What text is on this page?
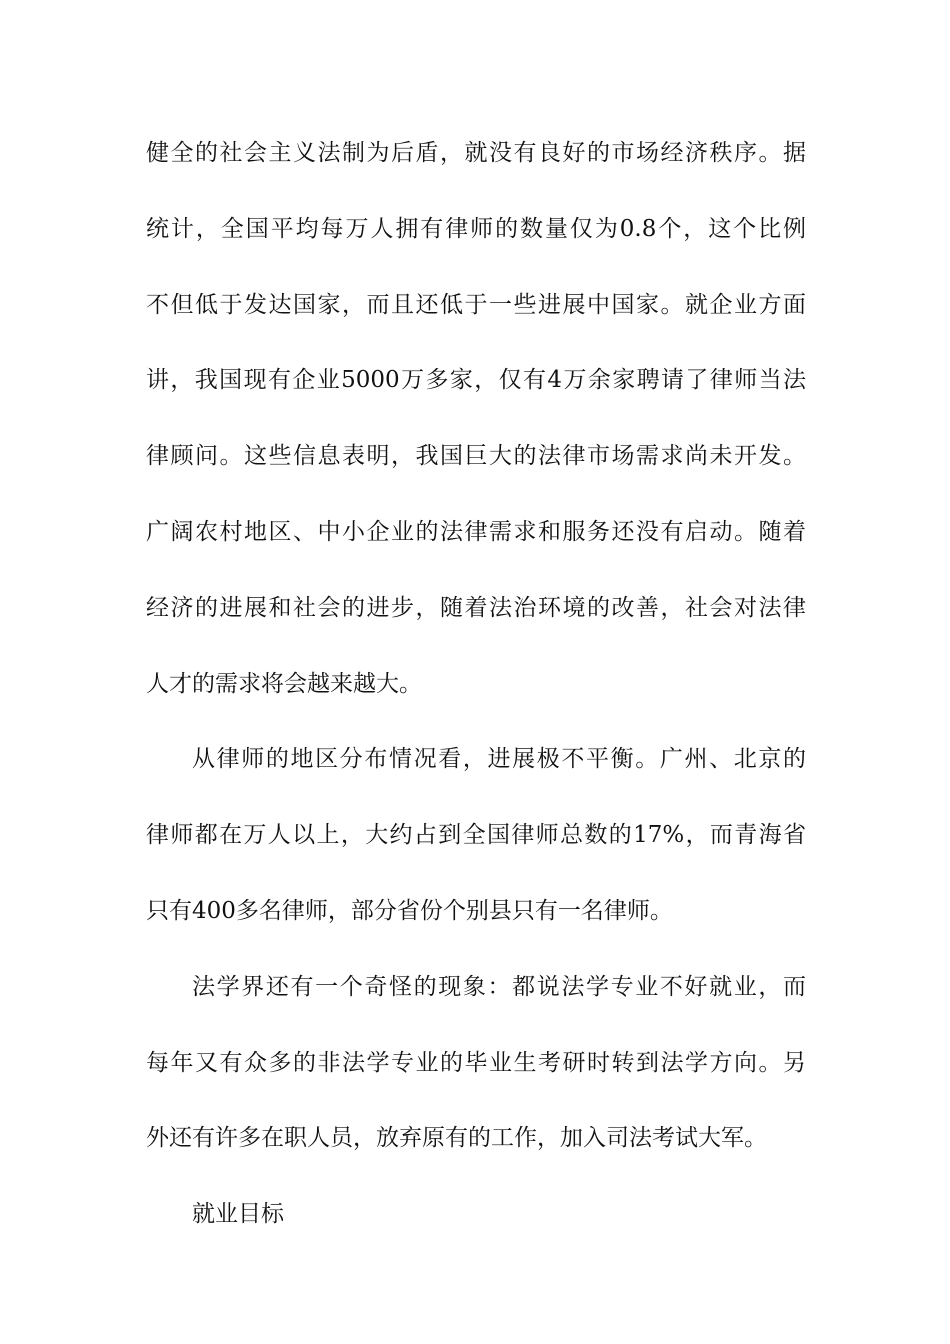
健全的社会主义法制为后盾，就没有良好的市场经济秩序。据
统计，全国平均每万人拥有律师的数量仅为0.8个，这个比例
不但低于发达国家，而且还低于一些进展中国家。就企业方面
讲，我国现有企业5000万多家，仅有4万余家聘请了律师当法
律顾问。这些信息表明，我国巨大的法律市场需求尚未开发。
广阔农村地区、中小企业的法律需求和服务还没有启动。随着
经济的进展和社会的进步，随着法治环境的改善，社会对法律
人才的需求将会越来越大。
从律师的地区分布情况看，进展极不平衡。广州、北京的
律师都在万人以上，大约占到全国律师总数的17%，而青海省
只有400多名律师，部分省份个别县只有一名律师。
法学界还有一个奇怪的现象：都说法学专业不好就业，而
每年又有众多的非法学专业的毕业生考研时转到法学方向。另
外还有许多在职人员，放弃原有的工作，加入司法考试大军。
就业目标
